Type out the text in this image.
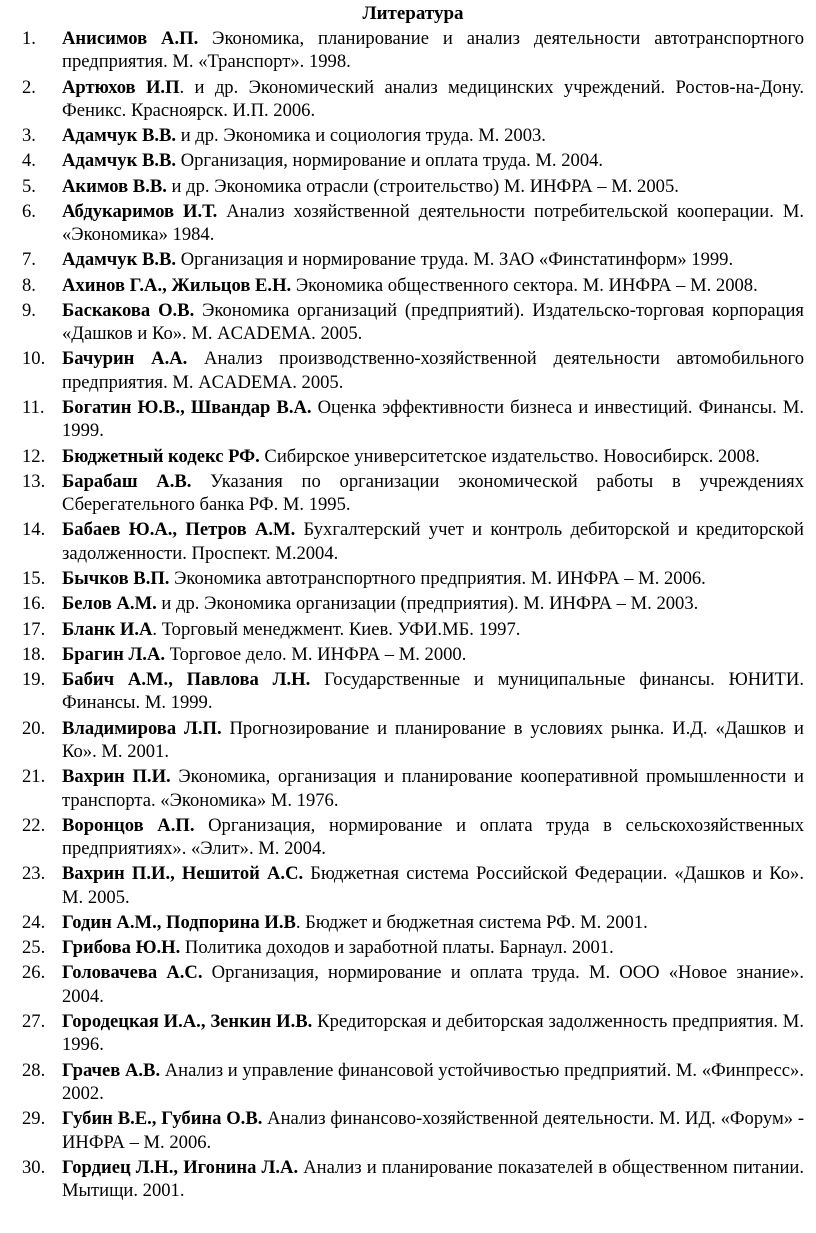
Литература
1. Анисимов А.П. Экономика, планирование и анализ деятельности автотранспортного предприятия. М. «Транспорт». 1998.
2. Артюхов И.П. и др. Экономический анализ медицинских учреждений. Ростов-на-Дону. Феникс. Красноярск. И.П. 2006.
3. Адамчук В.В. и др. Экономика и социология труда. М. 2003.
4. Адамчук В.В. Организация, нормирование и оплата труда. М. 2004.
5. Акимов В.В. и др. Экономика отрасли (строительство) М. ИНФРА – М. 2005.
6. Абдукаримов И.Т. Анализ хозяйственной деятельности потребительской кооперации. М. «Экономика» 1984.
7. Адамчук В.В. Организация и нормирование труда. М. ЗАО «Финстатинформ» 1999.
8. Ахинов Г.А., Жильцов Е.Н. Экономика общественного сектора. М. ИНФРА – М. 2008.
9. Баскакова О.В. Экономика организаций (предприятий). Издательско-торговая корпорация «Дашков и Ко». М. ACADEMA. 2005.
10. Бачурин А.А. Анализ производственно-хозяйственной деятельности автомобильного предприятия. М. ACADEMA. 2005.
11. Богатин Ю.В., Швандар В.А. Оценка эффективности бизнеса и инвестиций. Финансы. М. 1999.
12. Бюджетный кодекс РФ. Сибирское университетское издательство. Новосибирск. 2008.
13. Барабаш А.В. Указания по организации экономической работы в учреждениях Сберегательного банка РФ. М. 1995.
14. Бабаев Ю.А., Петров А.М. Бухгалтерский учет и контроль дебиторской и кредиторской задолженности. Проспект. М.2004.
15. Бычков В.П. Экономика автотранспортного предприятия. М. ИНФРА – М. 2006.
16. Белов А.М. и др. Экономика организации (предприятия). М. ИНФРА – М. 2003.
17. Бланк И.А. Торговый менеджмент. Киев. УФИ.МБ. 1997.
18. Брагин Л.А. Торговое дело. М. ИНФРА – М. 2000.
19. Бабич А.М., Павлова Л.Н. Государственные и муниципальные финансы. ЮНИТИ. Финансы. М. 1999.
20. Владимирова Л.П. Прогнозирование и планирование в условиях рынка. И.Д. «Дашков и Ко». М. 2001.
21. Вахрин П.И. Экономика, организация и планирование кооперативной промышленности и транспорта. «Экономика» М. 1976.
22. Воронцов А.П. Организация, нормирование и оплата труда в сельскохозяйственных предприятиях». «Элит». М. 2004.
23. Вахрин П.И., Нешитой А.С. Бюджетная система Российской Федерации. «Дашков и Ко». М. 2005.
24. Годин А.М., Подпорина И.В. Бюджет и бюджетная система РФ. М. 2001.
25. Грибова Ю.Н. Политика доходов и заработной платы. Барнаул. 2001.
26. Головачева А.С. Организация, нормирование и оплата труда. М. ООО «Новое знание». 2004.
27. Городецкая И.А., Зенкин И.В. Кредиторская и дебиторская задолженность предприятия. М. 1996.
28. Грачев А.В. Анализ и управление финансовой устойчивостью предприятий. М. «Финпресс». 2002.
29. Губин В.Е., Губина О.В. Анализ финансово-хозяйственной деятельности. М. ИД. «Форум» - ИНФРА – М. 2006.
30. Гордиец Л.Н., Игонина Л.А. Анализ и планирование показателей в общественном питании. Мытищи. 2001.
